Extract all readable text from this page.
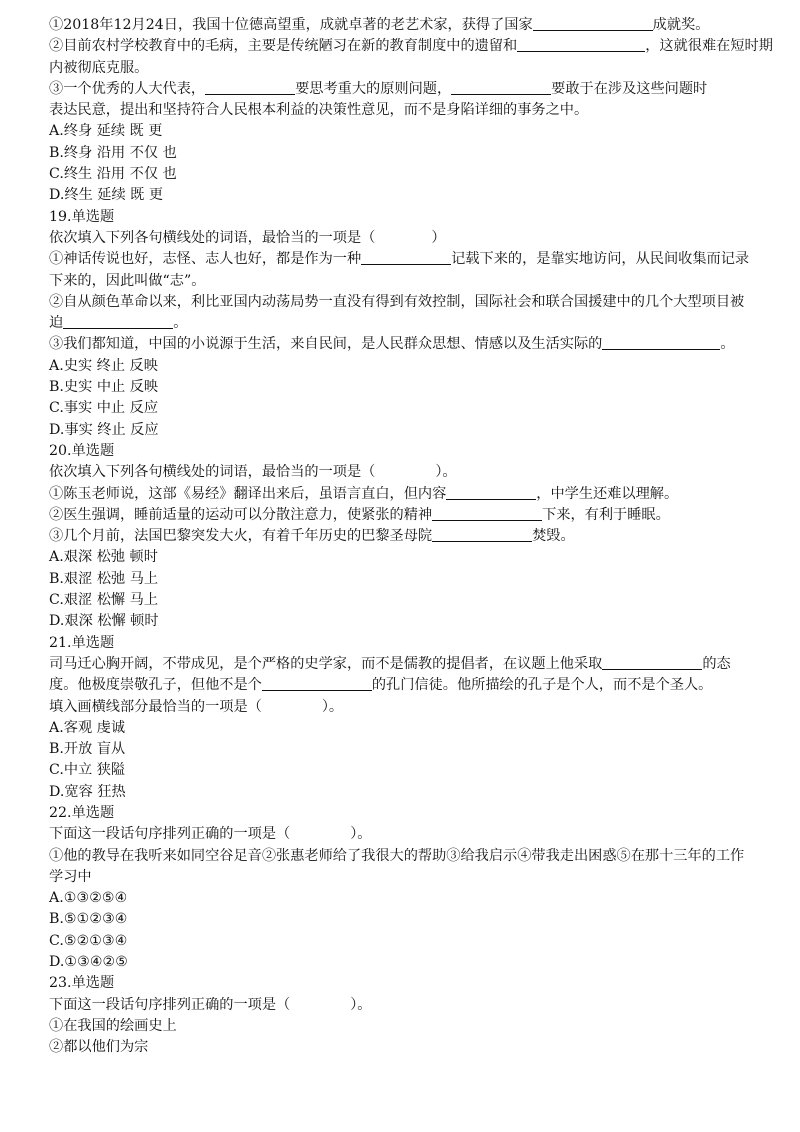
①2018年12月24日，我国十位德高望重，成就卓著的老艺术家，获得了国家	成就奖。
②目前农村学校教育中的毛病，主要是传统陋习在新的教育制度中的遗留和	，这就很难在短时期
内被彻底克服。
③一个优秀的人大代表，	要思考重大的原则问题，	要敢于在涉及这些问题时
表达民意，提出和坚持符合人民根本利益的决策性意见，而不是身陷详细的事务之中。
A.终身 延续 既 更
B.终身 沿用 不仅 也
C.终生 沿用 不仅 也
D.终生 延续 既 更
19.单选题
依次填入下列各句横线处的词语，最恰当的一项是（	）
①神话传说也好，志怪、志人也好，都是作为一种	记载下来的，是靠实地访问，从民间收集而记录
下来的，因此叫做“志”。
②自从颜色革命以来，利比亚国内动荡局势一直没有得到有效控制，国际社会和联合国援建中的几个大型项目被
迫	。
③我们都知道，中国的小说源于生活，来自民间，是人民群众思想、情感以及生活实际的	。
A.史实 终止 反映
B.史实 中止 反映
C.事实 中止 反应
D.事实 终止 反应
20.单选题
依次填入下列各句横线处的词语，最恰当的一项是（	）。
①陈玉老师说，这部《易经》翻译出来后，虽语言直白，但内容	，中学生还难以理解。
②医生强调，睡前适量的运动可以分散注意力，使紧张的精神	下来，有利于睡眠。
③几个月前，法国巴黎突发大火，有着千年历史的巴黎圣母院	焚毁。
A.艰深 松弛 顿时
B.艰涩 松弛 马上
C.艰涩 松懈 马上
D.艰深 松懈 顿时
21.单选题
司马迁心胸开阔，不带成见，是个严格的史学家，而不是儒教的提倡者，在议题上他采取	的态
度。他极度崇敬孔子，但他不是个	的孔门信徒。他所描绘的孔子是个人，而不是个圣人。
填入画横线部分最恰当的一项是（	）。
A.客观 虔诚
B.开放 盲从
C.中立 狭隘
D.宽容 狂热
22.单选题
下面这一段话句序排列正确的一项是（	）。
①他的教导在我听来如同空谷足音②张惠老师给了我很大的帮助③给我启示④带我走出困惑⑤在那十三年的工作
学习中
A.①③②⑤④
B.⑤①②③④
C.⑤②①③④
D.①③④②⑤
23.单选题
下面这一段话句序排列正确的一项是（	）。
①在我国的绘画史上
②都以他们为宗
